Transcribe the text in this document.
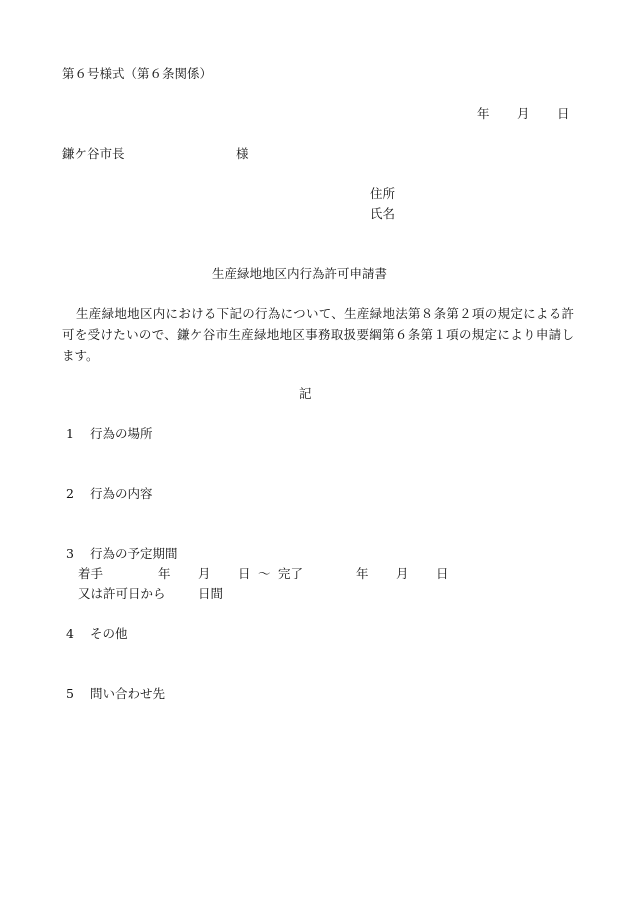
第６号様式（第６条関係）
年 月 日
鎌ケ谷市長	様
住所
氏名
生産緑地地区内行為許可申請書
生産緑地地区内における下記の行為について、生産緑地法第８条第２項の規定による許可を受けたいので、鎌ケ谷市生産緑地地区事務取扱要綱第６条第１項の規定により申請します。
記
1 行為の場所
2 行為の内容
3 行為の予定期間
着手	年 月 日 〜 完了	年 月 日
又は許可日から	日間
4 その他
5 問い合わせ先
